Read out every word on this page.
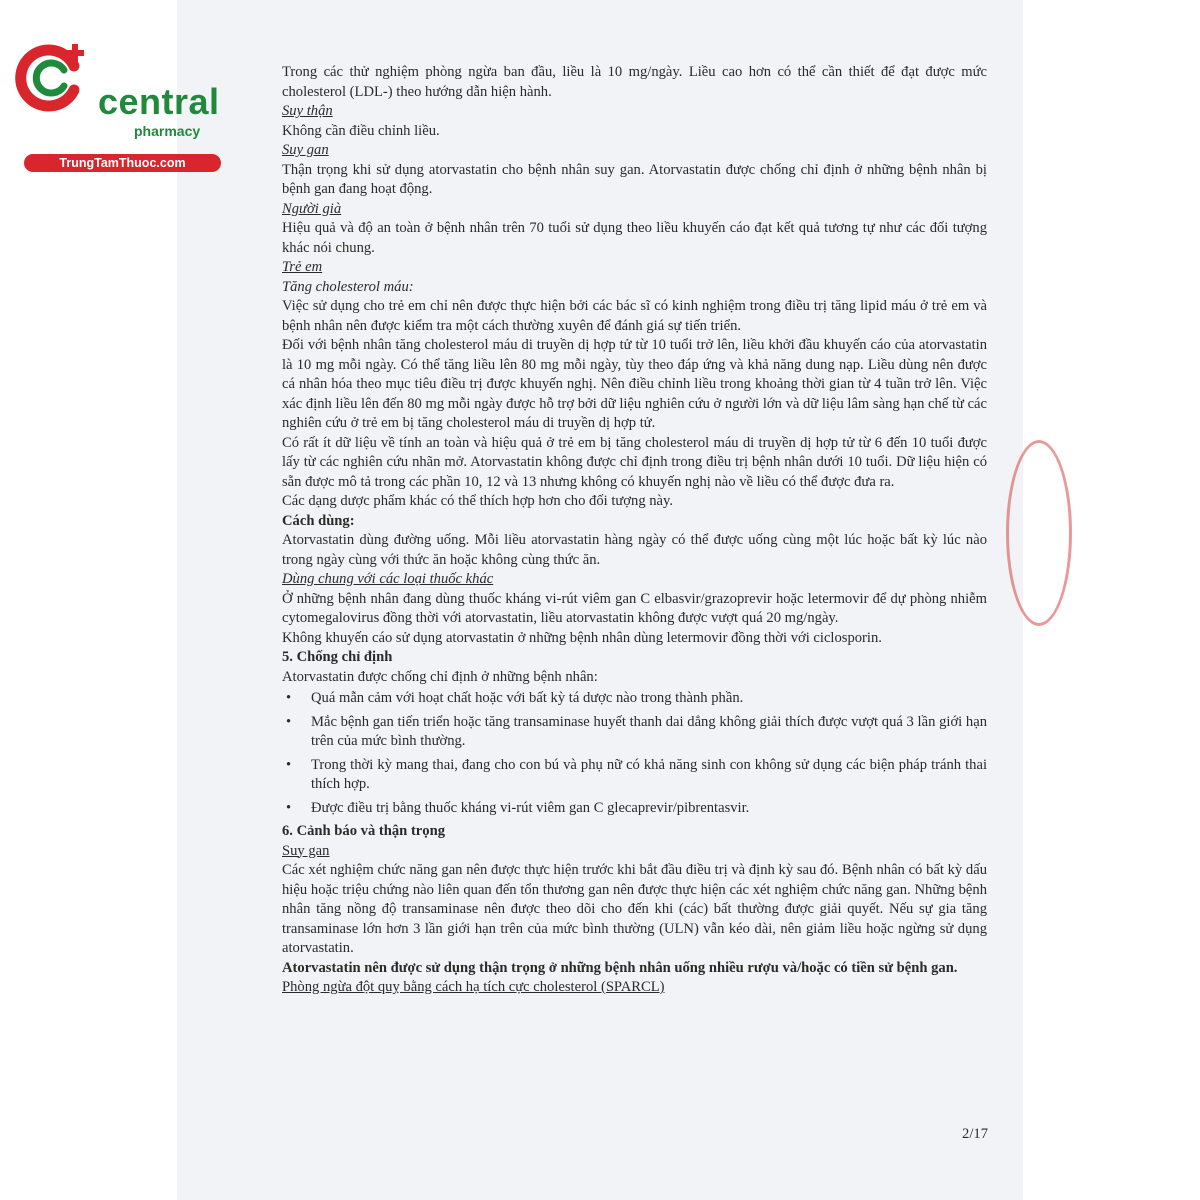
central
pharmacy
TrungTamThuoc.com

Trong các thử nghiệm phòng ngừa ban đầu, liều là 10 mg/ngày. Liều cao hơn có thể cần thiết để đạt được mức cholesterol (LDL-) theo hướng dẫn hiện hành.

Suy thận

Không cần điều chỉnh liều.

Suy gan

Thận trọng khi sử dụng atorvastatin cho bệnh nhân suy gan. Atorvastatin được chống chỉ định ở những bệnh nhân bị bệnh gan đang hoạt động.

Người già

Hiệu quả và độ an toàn ở bệnh nhân trên 70 tuổi sử dụng theo liều khuyến cáo đạt kết quả tương tự như các đối tượng khác nói chung.

Trẻ em

Tăng cholesterol máu:

Việc sử dụng cho trẻ em chỉ nên được thực hiện bởi các bác sĩ có kinh nghiệm trong điều trị tăng lipid máu ở trẻ em và bệnh nhân nên được kiểm tra một cách thường xuyên để đánh giá sự tiến triển.

Đối với bệnh nhân tăng cholesterol máu di truyền dị hợp tử từ 10 tuổi trở lên, liều khởi đầu khuyến cáo của atorvastatin là 10 mg mỗi ngày. Có thể tăng liều lên 80 mg mỗi ngày, tùy theo đáp ứng và khả năng dung nạp. Liều dùng nên được cá nhân hóa theo mục tiêu điều trị được khuyến nghị. Nên điều chỉnh liều trong khoảng thời gian từ 4 tuần trở lên. Việc xác định liều lên đến 80 mg mỗi ngày được hỗ trợ bởi dữ liệu nghiên cứu ở người lớn và dữ liệu lâm sàng hạn chế từ các nghiên cứu ở trẻ em bị tăng cholesterol máu di truyền dị hợp tử.

Có rất ít dữ liệu về tính an toàn và hiệu quả ở trẻ em bị tăng cholesterol máu di truyền dị hợp tử từ 6 đến 10 tuổi được lấy từ các nghiên cứu nhãn mở. Atorvastatin không được chỉ định trong điều trị bệnh nhân dưới 10 tuổi. Dữ liệu hiện có sẵn được mô tả trong các phần 10, 12 và 13 nhưng không có khuyến nghị nào về liều có thể được đưa ra.

Các dạng dược phẩm khác có thể thích hợp hơn cho đối tượng này.

Cách dùng:

Atorvastatin dùng đường uống. Mỗi liều atorvastatin hàng ngày có thể được uống cùng một lúc hoặc bất kỳ lúc nào trong ngày cùng với thức ăn hoặc không cùng thức ăn.

Dùng chung với các loại thuốc khác

Ở những bệnh nhân đang dùng thuốc kháng vi-rút viêm gan C elbasvir/grazoprevir hoặc letermovir để dự phòng nhiễm cytomegalovirus đồng thời với atorvastatin, liều atorvastatin không được vượt quá 20 mg/ngày.

Không khuyến cáo sử dụng atorvastatin ở những bệnh nhân dùng letermovir đồng thời với ciclosporin.

5. Chống chỉ định

Atorvastatin được chống chỉ định ở những bệnh nhân:

• Quá mẫn cảm với hoạt chất hoặc với bất kỳ tá dược nào trong thành phần.
• Mắc bệnh gan tiến triển hoặc tăng transaminase huyết thanh dai dẳng không giải thích được vượt quá 3 lần giới hạn trên của mức bình thường.
• Trong thời kỳ mang thai, đang cho con bú và phụ nữ có khả năng sinh con không sử dụng các biện pháp tránh thai thích hợp.
• Được điều trị bằng thuốc kháng vi-rút viêm gan C glecaprevir/pibrentasvir.

6. Cảnh báo và thận trọng

Suy gan

Các xét nghiệm chức năng gan nên được thực hiện trước khi bắt đầu điều trị và định kỳ sau đó. Bệnh nhân có bất kỳ dấu hiệu hoặc triệu chứng nào liên quan đến tổn thương gan nên được thực hiện các xét nghiệm chức năng gan. Những bệnh nhân tăng nồng độ transaminase nên được theo dõi cho đến khi (các) bất thường được giải quyết. Nếu sự gia tăng transaminase lớn hơn 3 lần giới hạn trên của mức bình thường (ULN) vẫn kéo dài, nên giảm liều hoặc ngừng sử dụng atorvastatin.

Atorvastatin nên được sử dụng thận trọng ở những bệnh nhân uống nhiều rượu và/hoặc có tiền sử bệnh gan.

Phòng ngừa đột quỵ bằng cách hạ tích cực cholesterol (SPARCL)

2/17
